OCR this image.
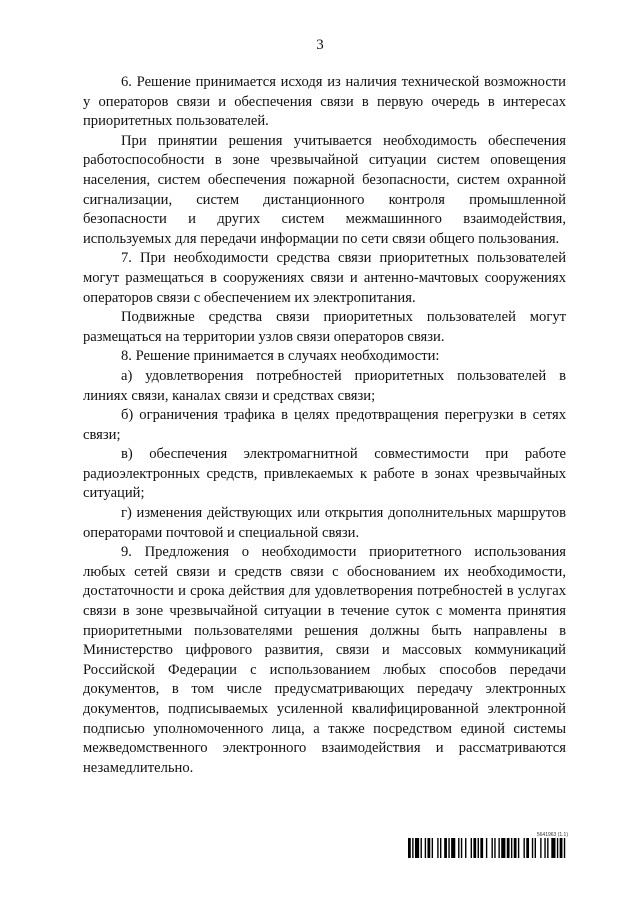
3

6. Решение принимается исходя из наличия технической возможности у операторов связи и обеспечения связи в первую очередь в интересах приоритетных пользователей.

При принятии решения учитывается необходимость обеспечения работоспособности в зоне чрезвычайной ситуации систем оповещения населения, систем обеспечения пожарной безопасности, систем охранной сигнализации, систем дистанционного контроля промышленной безопасности и других систем межмашинного взаимодействия, используемых для передачи информации по сети связи общего пользования.

7. При необходимости средства связи приоритетных пользователей могут размещаться в сооружениях связи и антенно-мачтовых сооружениях операторов связи с обеспечением их электропитания.

Подвижные средства связи приоритетных пользователей могут размещаться на территории узлов связи операторов связи.

8. Решение принимается в случаях необходимости:

а) удовлетворения потребностей приоритетных пользователей в линиях связи, каналах связи и средствах связи;

б) ограничения трафика в целях предотвращения перегрузки в сетях связи;

в) обеспечения электромагнитной совместимости при работе радиоэлектронных средств, привлекаемых к работе в зонах чрезвычайных ситуаций;

г) изменения действующих или открытия дополнительных маршрутов операторами почтовой и специальной связи.

9. Предложения о необходимости приоритетного использования любых сетей связи и средств связи с обоснованием их необходимости, достаточности и срока действия для удовлетворения потребностей в услугах связи в зоне чрезвычайной ситуации в течение суток с момента принятия приоритетными пользователями решения должны быть направлены в Министерство цифрового развития, связи и массовых коммуникаций Российской Федерации с использованием любых способов передачи документов, в том числе предусматривающих передачу электронных документов, подписываемых усиленной квалифицированной электронной подписью уполномоченного лица, а также посредством единой системы межведомственного электронного взаимодействия и рассматриваются незамедлительно.

5641963 (1.1)
